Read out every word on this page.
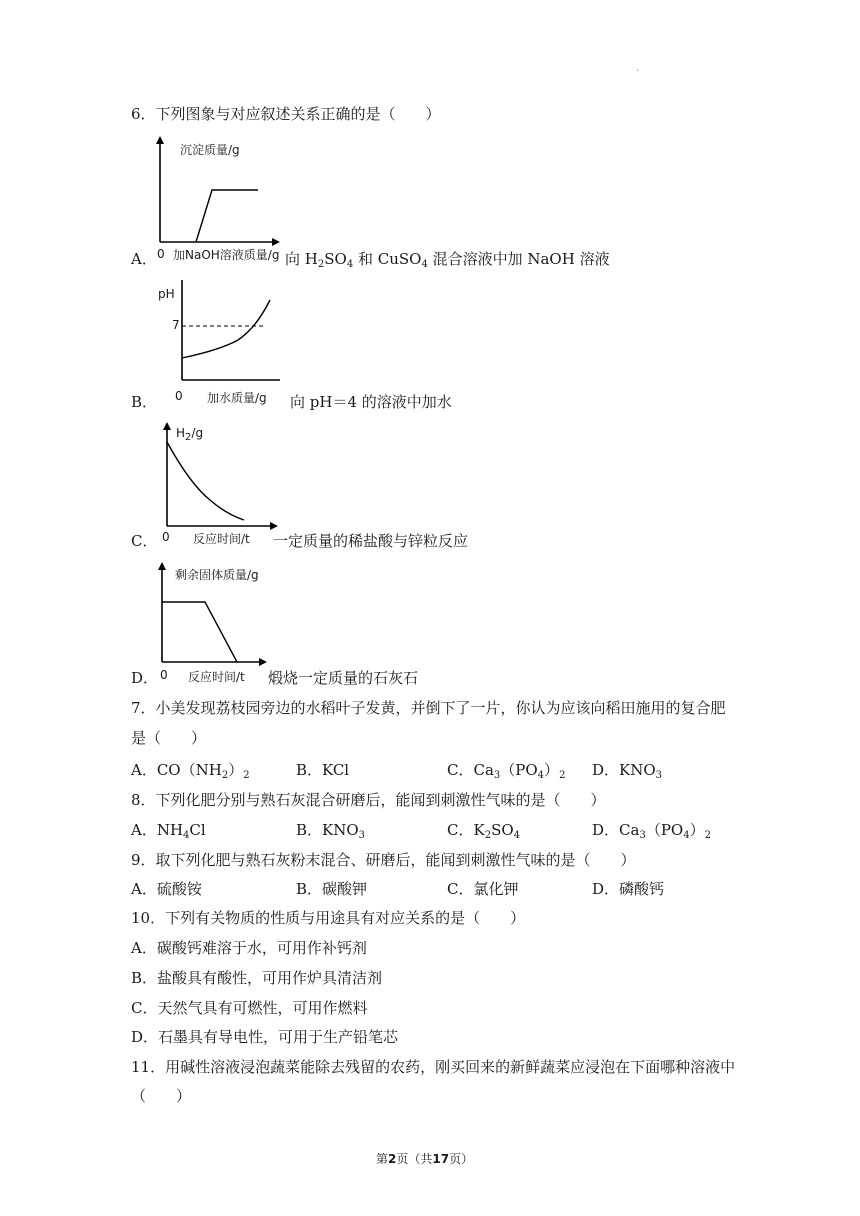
·
6．下列图象与对应叙述关系正确的是（　　）
沉淀质量/g
A． 0 加NaOH溶液质量/g 向 $H_2SO_4$ 和 CuSO$_4$ 混合溶液中加 NaOH 溶液
pH
7
B． 0 加水质量/g 向 pH＝4 的溶液中加水
$H_2/g$
C． 0 反应时间/t 一定质量的稀盐酸与锌粒反应
剩余固体质量/g
D． 0 反应时间/t 煅烧一定质量的石灰石
7．小美发现荔枝园旁边的水稻叶子发黄，并倒下了一片，你认为应该向稻田施用的复合肥
是（　　）
A．$CO(NH_2)_2$	B．KCl	C．$Ca_3(PO_4)_2$ D．$KNO_3$
8．下列化肥分别与熟石灰混合研磨后，能闻到刺激性气味的是（　　）
A．$NH_4Cl$	B．$KNO_3$	C．$K_2SO_4$	D．$Ca_3(PO_4)_2$
9．取下列化肥与熟石灰粉末混合、研磨后，能闻到刺激性气味的是（　　）
A．硫酸铵	B．碳酸钾	C．氯化钾	D．磷酸钙
10．下列有关物质的性质与用途具有对应关系的是（　　）
A．碳酸钙难溶于水，可用作补钙剂
B．盐酸具有酸性，可用作炉具清洁剂
C．天然气具有可燃性，可用作燃料
D．石墨具有导电性，可用于生产铅笔芯
11．用碱性溶液浸泡蔬菜能除去残留的农药，刚买回来的新鲜蔬菜应浸泡在下面哪种溶液中
（　　）
第2页（共17页）
